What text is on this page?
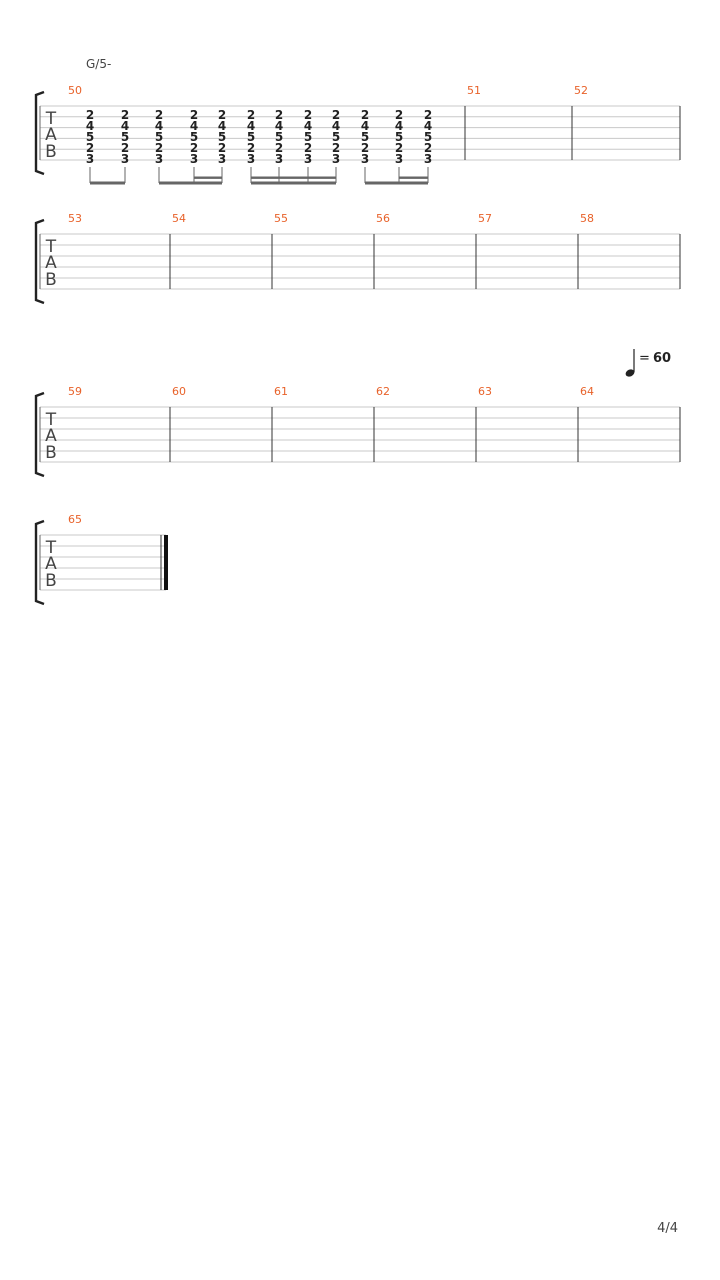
G/5-
= 60
T
A
B
50	51	52
T
A
B
53	54	55	56	57	58
T
A
B
59	60	61	62	63	64
T
A
B
65
2
4
5
2
3
2
4
5
2
3
2
4
5
2
3
2
4
5
2
3
2
4
5
2
3
2
4
5
2
3
2
4
5
2
3
2
4
5
2
3
2
4
5
2
3
2
4
5
2
3
2
4
5
2
3
2
4
5
2
3
4/4
